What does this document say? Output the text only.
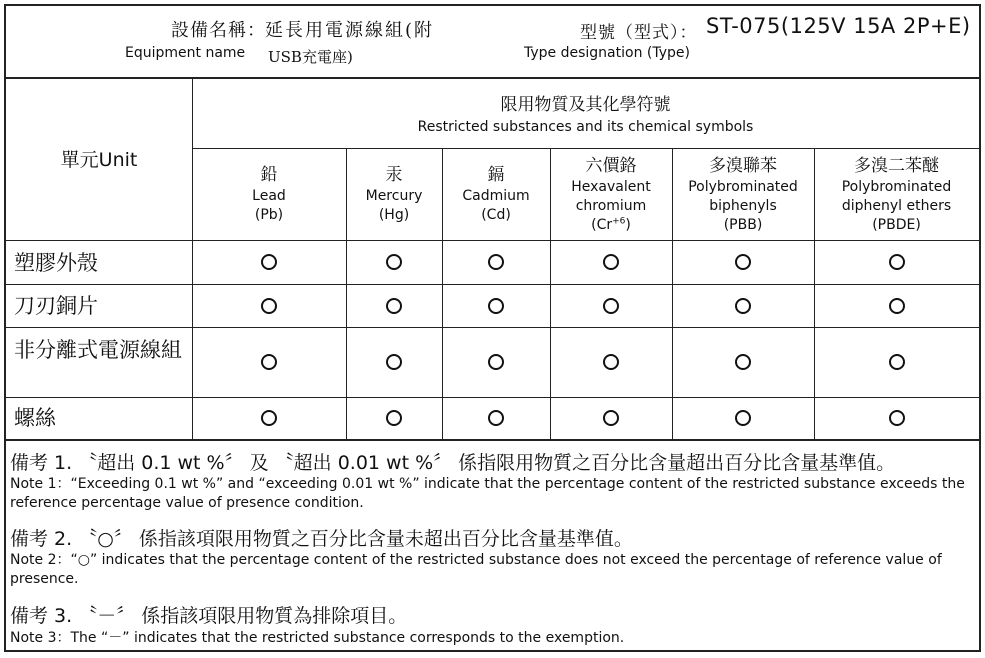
設備名稱： 延長用電源線組(附
Equipment name USB充電座)
型號（型式）： ST-075(125V 15A 2P+E)
Type designation (Type)
單元Unit
限用物質及其化學符號
Restricted substances and its chemical symbols
鉛
Lead
(Pb)
汞
Mercury
(Hg)
鎘
Cadmium
(Cd)
六價鉻
Hexavalent
chromium
$(Cr^{+6})$
多溴聯苯
Polybrominated
biphenyls
(PBB)
多溴二苯醚
Polybrominated
diphenyl ethers
(PBDE)
塑膠外殼
刀刃銅片
非分離式電源線組
螺絲
備考 1. 〝超出 0.1 wt %〞 及 〝超出 0.01 wt %〞 係指限用物質之百分比含量超出百分比含量基準值。
Note 1：“Exceeding 0.1 wt %” and “exceeding 0.01 wt %” indicate that the percentage content of the restricted substance exceeds the reference percentage value of presence condition.
備考 2. 〝○〞 係指該項限用物質之百分比含量未超出百分比含量基準值。
Note 2：“○” indicates that the percentage content of the restricted substance does not exceed the percentage of reference value of presence.
備考 3. 〝－〞 係指該項限用物質為排除項目。
Note 3：The “－” indicates that the restricted substance corresponds to the exemption.
